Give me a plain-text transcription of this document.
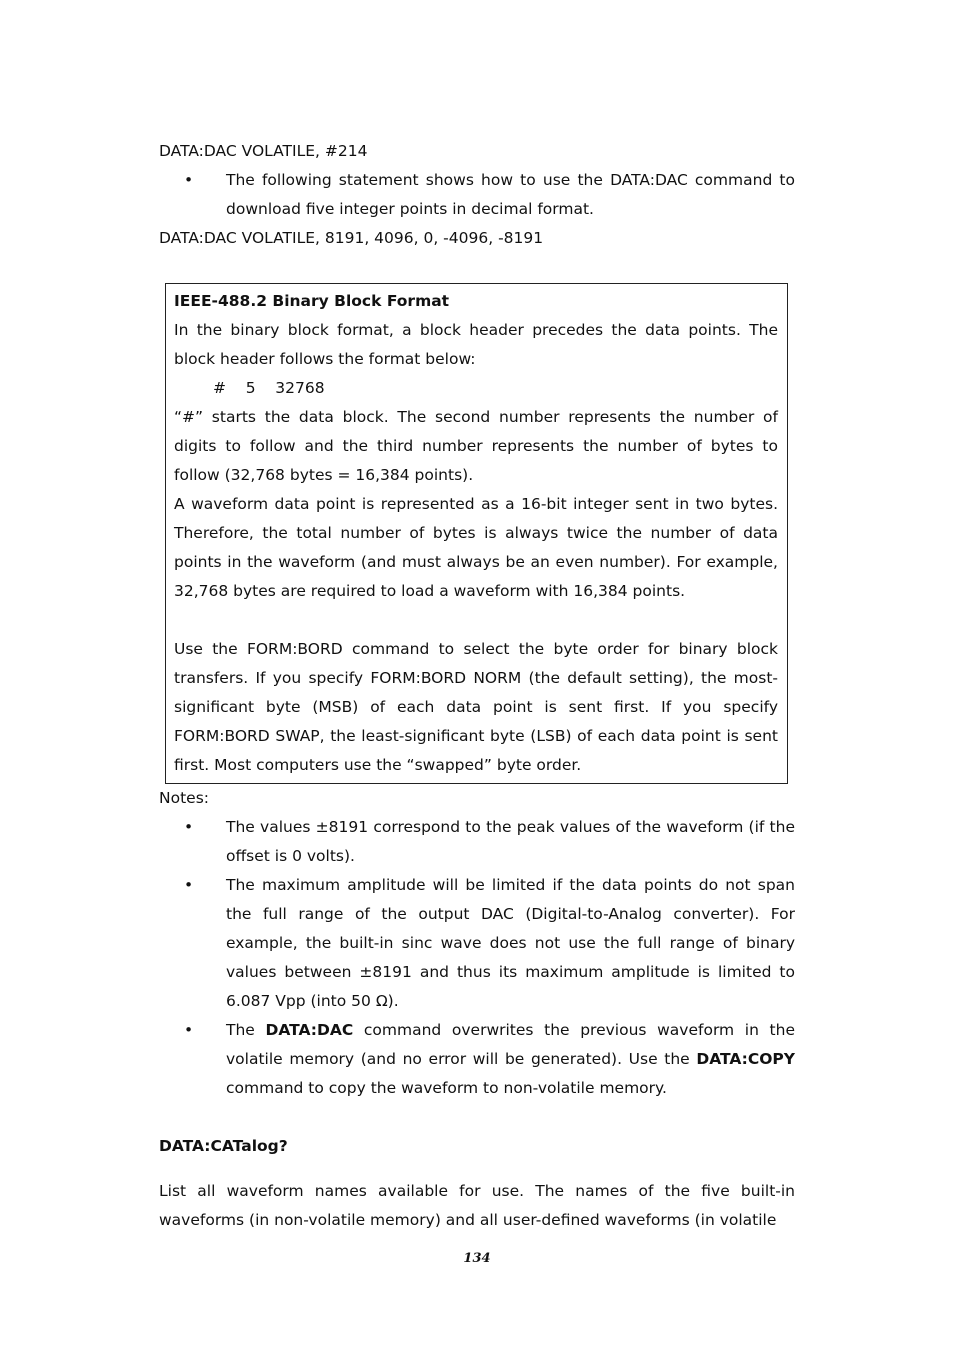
DATA:DAC VOLATILE, #214

• The following statement shows how to use the DATA:DAC command to download five integer points in decimal format.

DATA:DAC VOLATILE, 8191, 4096, 0, -4096, -8191

IEEE-488.2 Binary Block Format

In the binary block format, a block header precedes the data points. The block header follows the format below:

#    5    32768

“#” starts the data block. The second number represents the number of digits to follow and the third number represents the number of bytes to follow (32,768 bytes = 16,384 points).

A waveform data point is represented as a 16-bit integer sent in two bytes. Therefore, the total number of bytes is always twice the number of data points in the waveform (and must always be an even number). For example, 32,768 bytes are required to load a waveform with 16,384 points.

Use the FORM:BORD command to select the byte order for binary block transfers. If you specify FORM:BORD NORM (the default setting), the most-significant byte (MSB) of each data point is sent first. If you specify FORM:BORD SWAP, the least-significant byte (LSB) of each data point is sent first. Most computers use the “swapped” byte order.

Notes:

• The values ±8191 correspond to the peak values of the waveform (if the offset is 0 volts).
• The maximum amplitude will be limited if the data points do not span the full range of the output DAC (Digital-to-Analog converter). For example, the built-in sinc wave does not use the full range of binary values between ±8191 and thus its maximum amplitude is limited to 6.087 Vpp (into 50 Ω).
• The DATA:DAC command overwrites the previous waveform in the volatile memory (and no error will be generated). Use the DATA:COPY command to copy the waveform to non-volatile memory.

DATA:CATalog?

List all waveform names available for use. The names of the five built-in waveforms (in non-volatile memory) and all user-defined waveforms (in volatile

134
